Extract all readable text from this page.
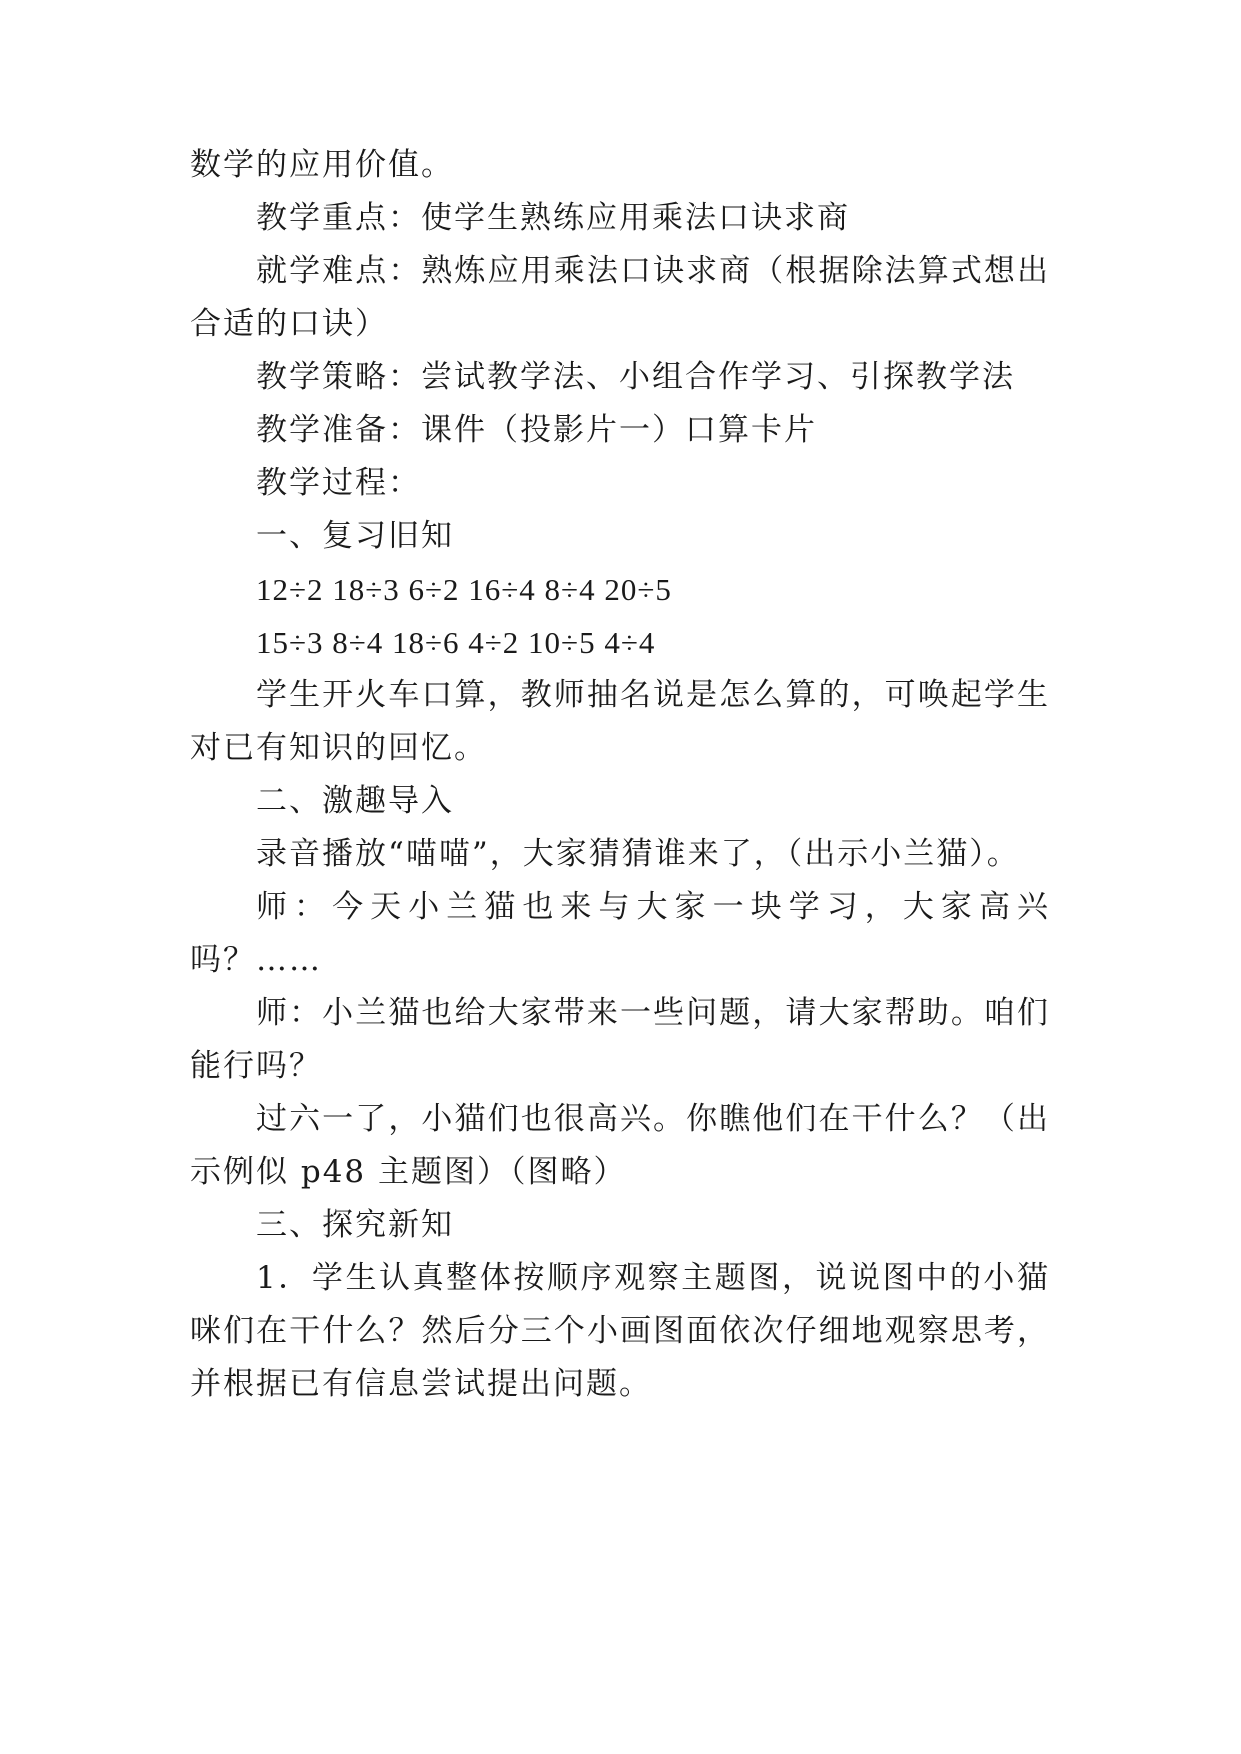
数学的应用价值。

教学重点：使学生熟练应用乘法口诀求商

就学难点：熟炼应用乘法口诀求商（根据除法算式想出

合适的口诀）

教学策略：尝试教学法、小组合作学习、引探教学法

教学准备：课件（投影片一）口算卡片

教学过程：

一、复习旧知

12÷2 18÷3 6÷2 16÷4 8÷4 20÷5

15÷3 8÷4 18÷6 4÷2 10÷5 4÷4

学生开火车口算，教师抽名说是怎么算的，可唤起学生

对已有知识的回忆。

二、激趣导入

录音播放“喵喵”，大家猜猜谁来了，（出示小兰猫）。

师：今天小兰猫也来与大家一块学习，大家高兴

吗？……

师：小兰猫也给大家带来一些问题，请大家帮助。咱们

能行吗？

过六一了，小猫们也很高兴。你瞧他们在干什么？（出

示例似 p48 主题图）（图略）

三、探究新知

1．学生认真整体按顺序观察主题图，说说图中的小猫

咪们在干什么？然后分三个小画图面依次仔细地观察思考，

并根据已有信息尝试提出问题。
